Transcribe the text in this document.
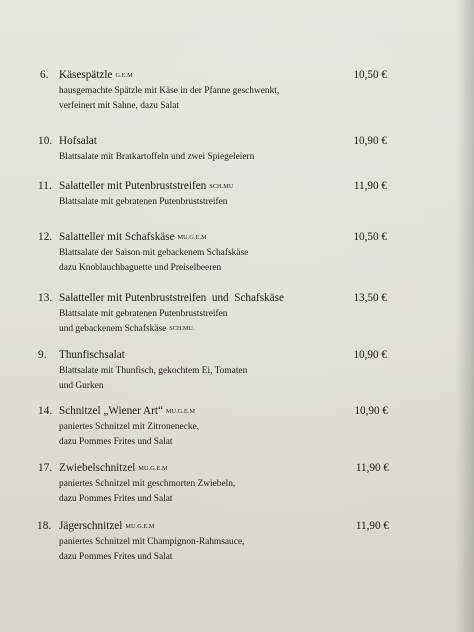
6. Käsespätzle G.E.M	10,50 €
hausgemachte Spätzle mit Käse in der Pfanne geschwenkt,
verfeinert mit Sahne, dazu Salat
10. Hofsalat	10,90 €
Blattsalate mit Bratkartoffeln und zwei Spiegeleiern
11. Salatteller mit Putenbruststreifen SCH.MU	11,90 €
Blattsalate mit gebratenen Putenbruststreifen
12. Salatteller mit Schafskäse MU.G.E.M	10,50 €
Blattsalate der Saison mit gebackenem Schafskäse
dazu Knoblauchbaguette und Preiselbeeren
13. Salatteller mit Putenbruststreifen  und  Schafskäse	13,50 €
Blattsalate mit gebratenen Putenbruststreifen
und gebackenem Schafskäse SCH.MU.
9. Thunfischsalat	10,90 €
Blattsalate mit Thunfisch, gekochtem Ei, Tomaten
und Gurken
14. Schnitzel „Wiener Art“ MU.G.E.M	10,90 €
paniertes Schnitzel mit Zitronenecke,
dazu Pommes Frites und Salat
17. Zwiebelschnitzel MU.G.E.M	11,90 €
paniertes Schnitzel mit geschmorten Zwiebeln,
dazu Pommes Frites und Salat
18. Jägerschnitzel MU.G.E.M	11,90 €
paniertes Schnitzel mit Champignon-Rahmsauce,
dazu Pommes Frites und Salat
